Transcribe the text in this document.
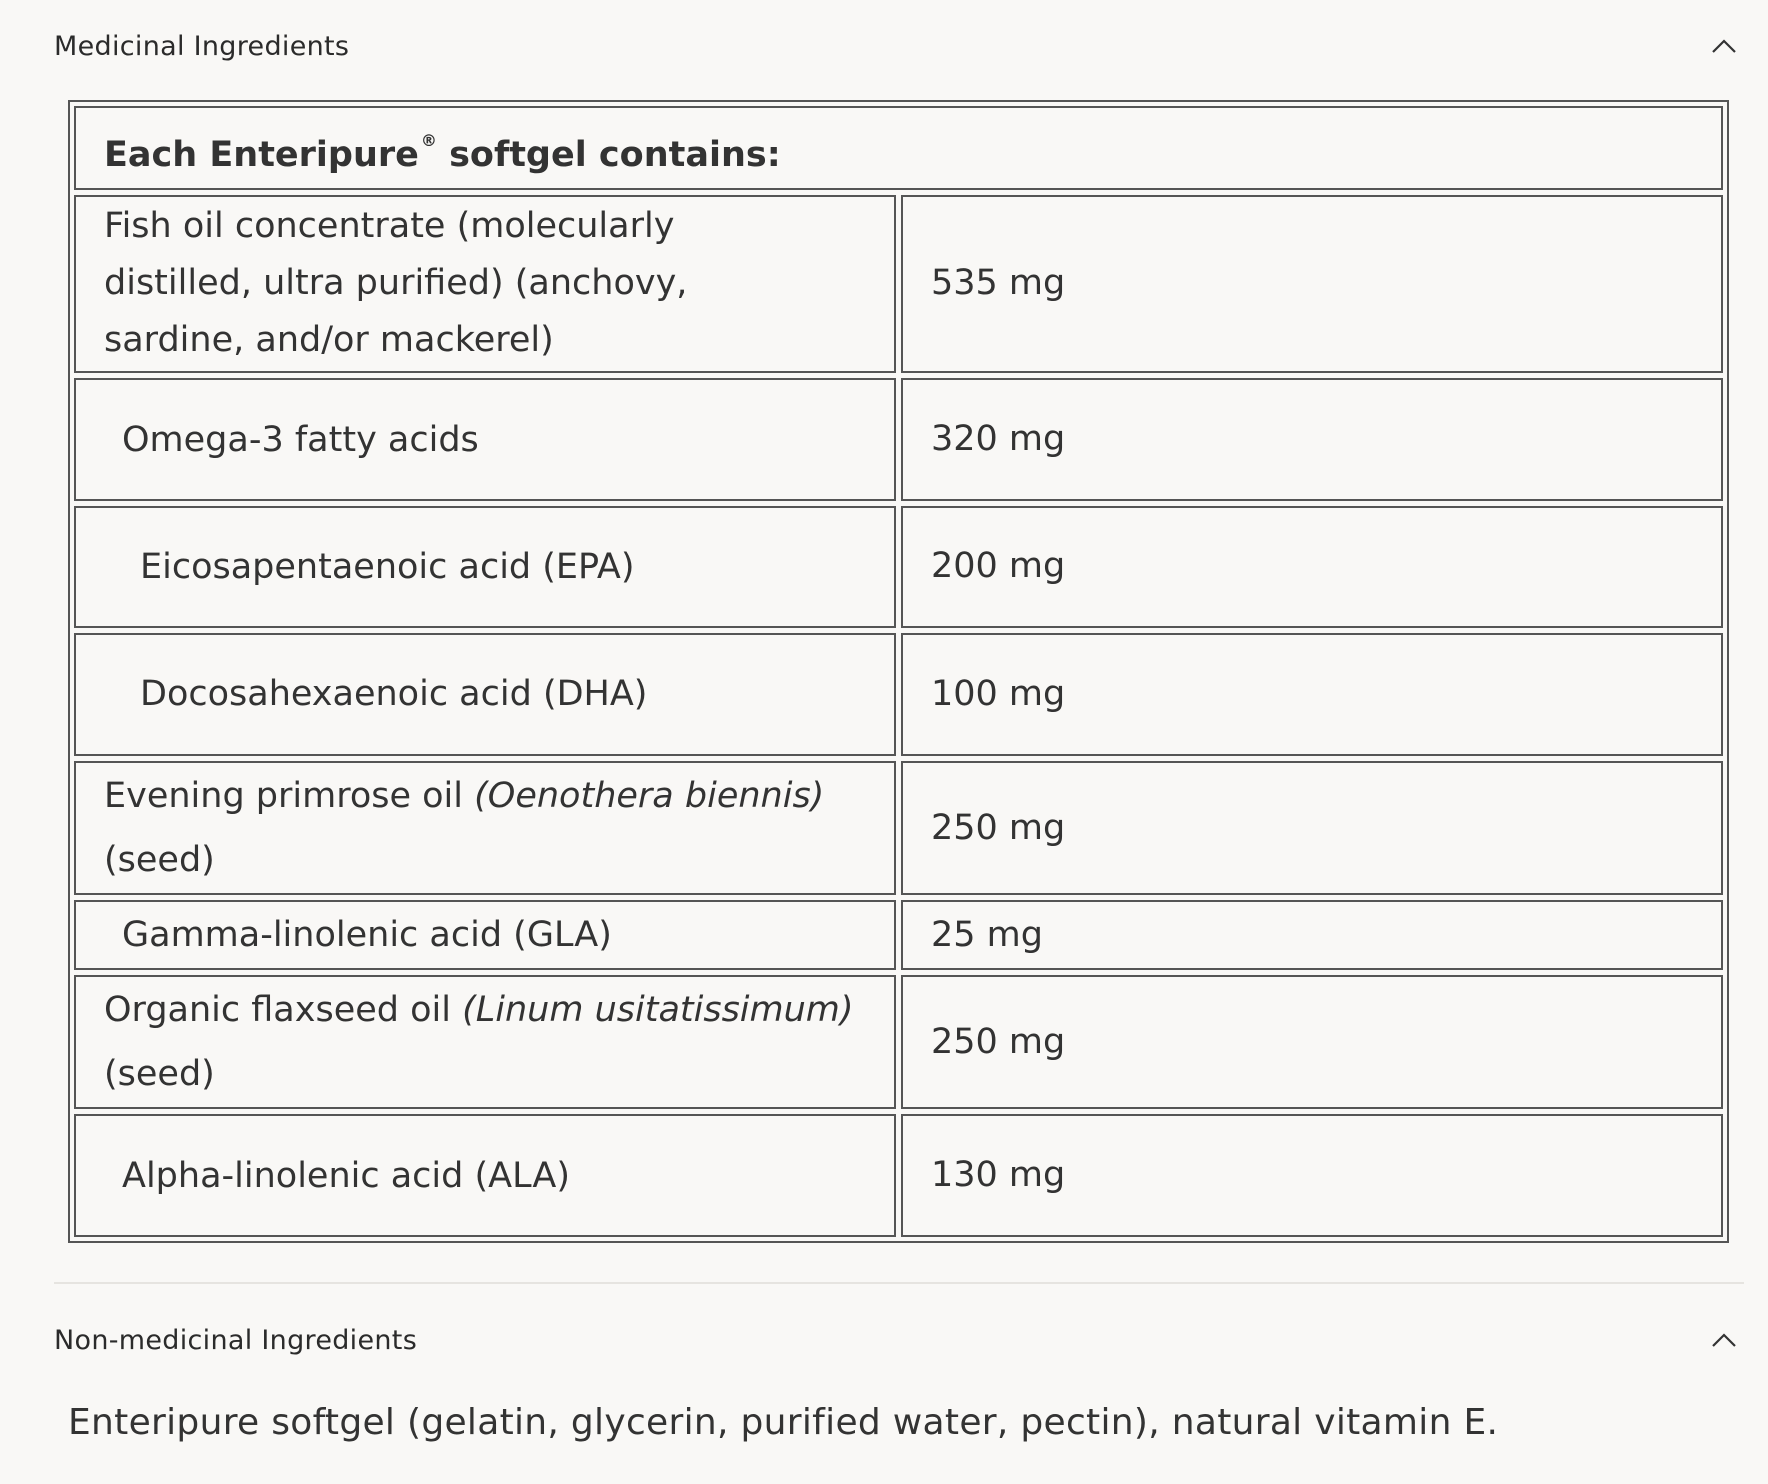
Medicinal Ingredients
Each Enteripure ® softgel contains:	
Fish oil concentrate (molecularly distilled, ultra purified) (anchovy, sardine, and/or mackerel)	535 mg
Omega-3 fatty acids	320 mg
Eicosapentaenoic acid (EPA)	200 mg
Docosahexaenoic acid (DHA)	100 mg
Evening primrose oil (Oenothera biennis) (seed)	250 mg
Gamma-linolenic acid (GLA)	25 mg
Organic flaxseed oil (Linum usitatissimum) (seed)	250 mg
Alpha-linolenic acid (ALA)	130 mg
Non-medicinal Ingredients
Enteripure softgel (gelatin, glycerin, purified water, pectin), natural vitamin E.
